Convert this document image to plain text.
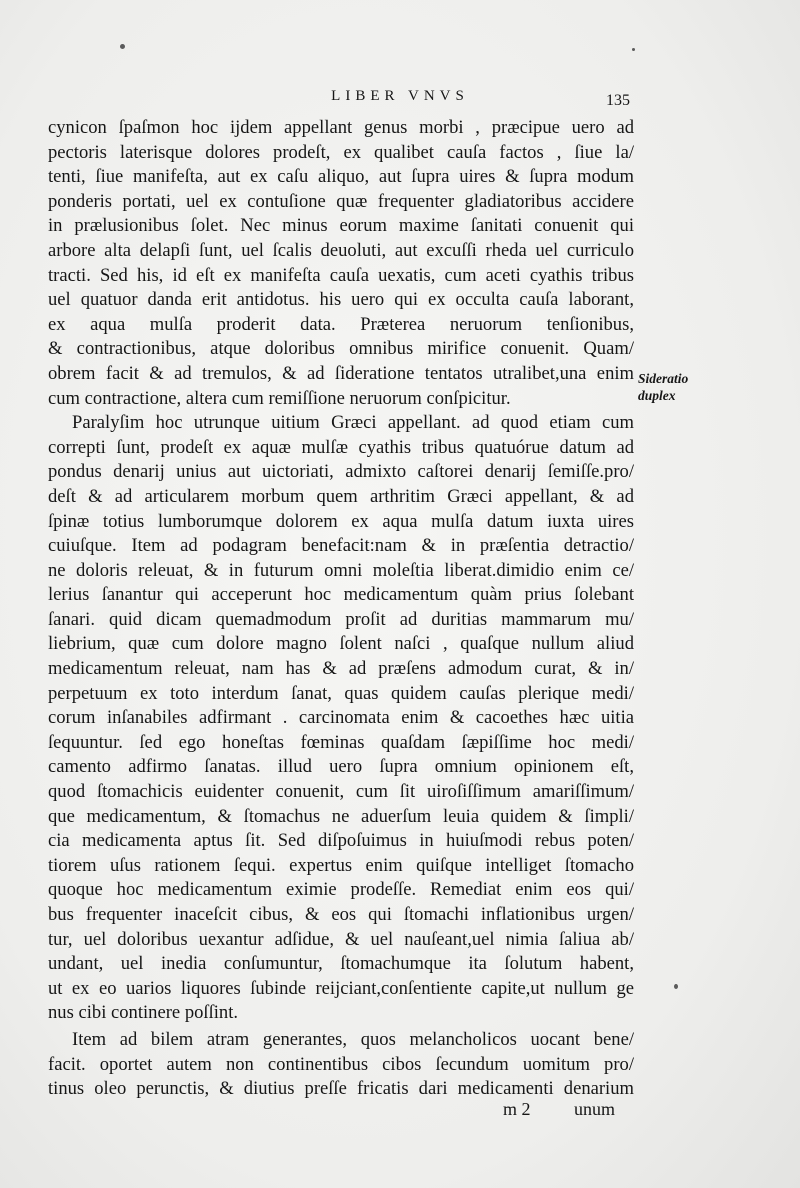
LIBER VNVS	135
cynicon ſpaſmon hoc ijdem appellant genus morbi , præcipue uero ad
pectoris laterisque dolores prodeſt, ex qualibet cauſa factos , ſiue la/
tenti, ſiue manifeſta, aut ex caſu aliquo, aut ſupra uires & ſupra modum
ponderis portati, uel ex contuſione quæ frequenter gladiatoribus accidere
in prælusionibus ſolet. Nec minus eorum maxime ſanitati conuenit qui
arbore alta delapſi ſunt, uel ſcalis deuoluti, aut excuſſi rheda uel curriculo
tracti. Sed his, id eſt ex manifeſta cauſa uexatis, cum aceti cyathis tribus
uel quatuor danda erit antidotus. his uero qui ex occulta cauſa laborant,
ex aqua mulſa proderit data. Præterea neruorum tenſionibus,
& contractionibus, atque doloribus omnibus mirifice conuenit. Quam/
obrem facit & ad tremulos, & ad ſideratione tentatos utralibet,una enim
cum contractione, altera cum remiſſione neruorum conſpicitur.
Paralyſim hoc utrunque uitium Græci appellant. ad quod etiam cum
correpti ſunt, prodeſt ex aquæ mulſæ cyathis tribus quatuórue datum ad
pondus denarij unius aut uictoriati, admixto caſtorei denarij ſemiſſe.pro/
deſt & ad articularem morbum quem arthritim Græci appellant, & ad
ſpinæ totius lumborumque dolorem ex aqua mulſa datum iuxta uires
cuiuſque. Item ad podagram benefacit:nam & in præſentia detractio/
ne doloris releuat, & in futurum omni moleſtia liberat.dimidio enim ce/
lerius ſanantur qui acceperunt hoc medicamentum quàm prius ſolebant
ſanari. quid dicam quemadmodum proſit ad duritias mammarum mu/
liebrium, quæ cum dolore magno ſolent naſci , quaſque nullum aliud
medicamentum releuat, nam has & ad præſens admodum curat, & in/
perpetuum ex toto interdum ſanat, quas quidem cauſas plerique medi/
corum inſanabiles adfirmant . carcinomata enim & cacoethes hæc uitia
ſequuntur. ſed ego honeſtas fœminas quaſdam ſæpiſſime hoc medi/
camento adfirmo ſanatas. illud uero ſupra omnium opinionem eſt,
quod ſtomachicis euidenter conuenit, cum ſit uiroſiſſimum amariſſimum/
que medicamentum, & ſtomachus ne aduerſum leuia quidem & ſimpli/
cia medicamenta aptus ſit. Sed diſpoſuimus in huiuſmodi rebus poten/
tiorem uſus rationem ſequi. expertus enim quiſque intelliget ſtomacho
quoque hoc medicamentum eximie prodeſſe. Remediat enim eos qui/
bus frequenter inaceſcit cibus, & eos qui ſtomachi inflationibus urgen/
tur, uel doloribus uexantur adſidue, & uel nauſeant,uel nimia ſaliua ab/
undant, uel inedia conſumuntur, ſtomachumque ita ſolutum habent,
ut ex eo uarios liquores ſubinde reijciant,conſentiente capite,ut nullum ge
nus cibi continere poſſint.
Item ad bilem atram generantes, quos melancholicos uocant bene/
facit. oportet autem non continentibus cibos ſecundum uomitum pro/
tinus oleo perunctis, & diutius preſſe fricatis dari medicamenti denarium
Sideratio
duplex
m 2 unum
